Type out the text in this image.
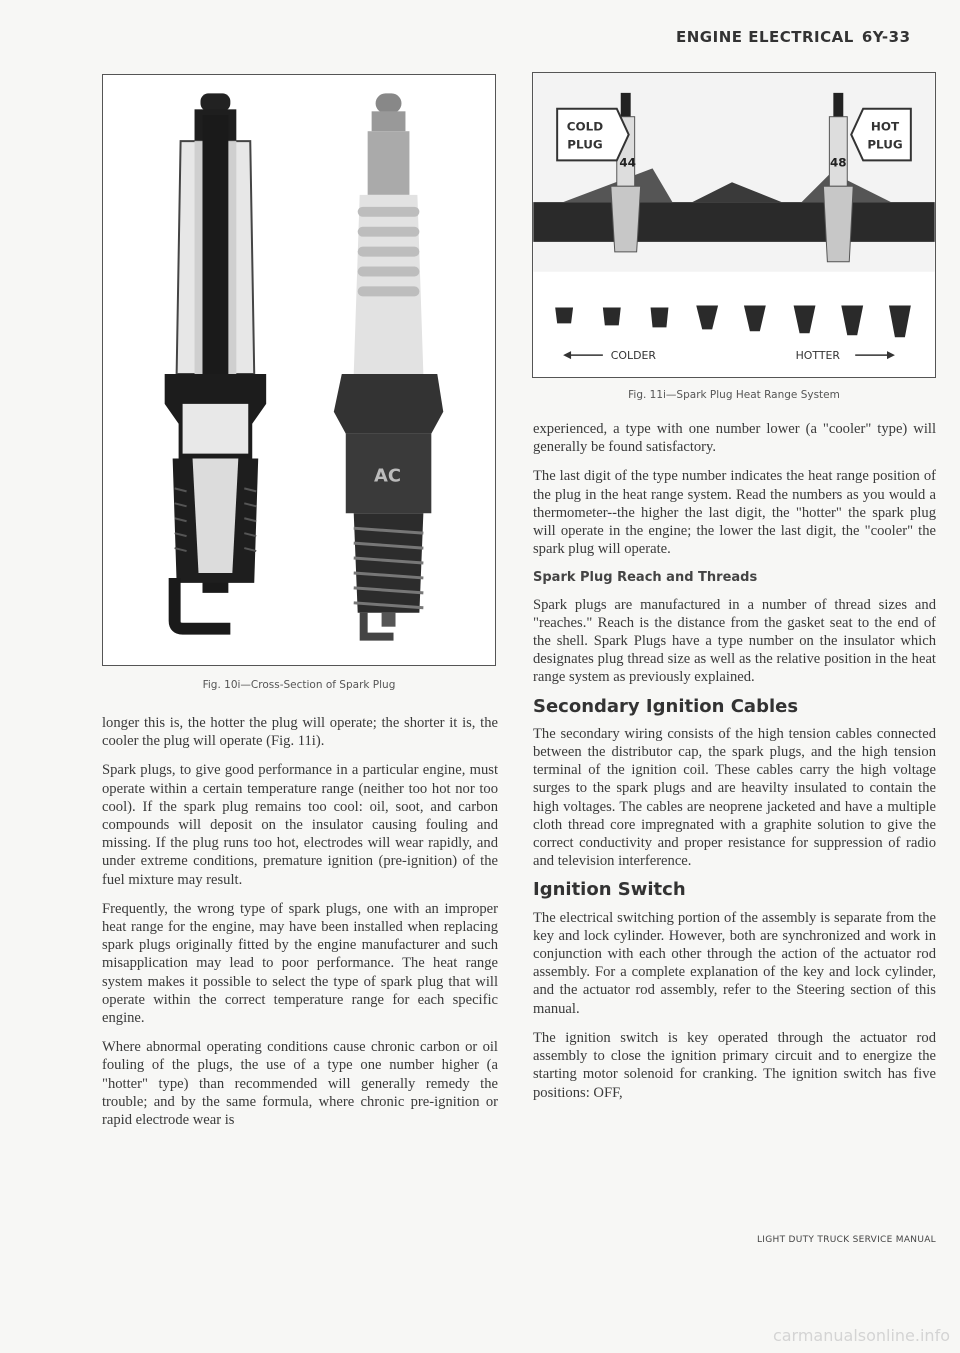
ENGINE ELECTRICAL 6Y-33
AC
Fig. 10i—Cross-Section of Spark Plug
44	48
COLD
PLUG
HOT
PLUG
COLDER	HOTTER
Fig. 11i—Spark Plug Heat Range System

longer this is, the hotter the plug will operate; the shorter it is, the cooler the plug will operate (Fig. 11i).

Spark plugs, to give good performance in a particular engine, must operate within a certain temperature range (neither too hot nor too cool). If the spark plug remains too cool: oil, soot, and carbon compounds will deposit on the insulator causing fouling and missing. If the plug runs too hot, electrodes will wear rapidly, and under extreme conditions, premature ignition (pre-ignition) of the fuel mixture may result.

Frequently, the wrong type of spark plugs, one with an improper heat range for the engine, may have been installed when replacing spark plugs originally fitted by the engine manufacturer and such misapplication may lead to poor performance. The heat range system makes it possible to select the type of spark plug that will operate within the correct temperature range for each specific engine.

Where abnormal operating conditions cause chronic carbon or oil fouling of the plugs, the use of a type one number higher (a "hotter" type) than recommended will generally remedy the trouble; and by the same formula, where chronic pre-ignition or rapid electrode wear is

experienced, a type with one number lower (a "cooler" type) will generally be found satisfactory.

The last digit of the type number indicates the heat range position of the plug in the heat range system. Read the numbers as you would a thermometer--the higher the last digit, the "hotter" the spark plug will operate in the engine; the lower the last digit, the "cooler" the spark plug will operate.

Spark Plug Reach and Threads

Spark plugs are manufactured in a number of thread sizes and "reaches." Reach is the distance from the gasket seat to the end of the shell. Spark Plugs have a type number on the insulator which designates plug thread size as well as the relative position in the heat range system as previously explained.

Secondary Ignition Cables

The secondary wiring consists of the high tension cables connected between the distributor cap, the spark plugs, and the high tension terminal of the ignition coil. These cables carry the high voltage surges to the spark plugs and are heavilty insulated to contain the high voltages. The cables are neoprene jacketed and have a multiple cloth thread core impregnated with a graphite solution to give the correct conductivity and proper resistance for suppression of radio and television interference.

Ignition Switch

The electrical switching portion of the assembly is separate from the key and lock cylinder. However, both are synchronized and work in conjunction with each other through the action of the actuator rod assembly. For a complete explanation of the key and lock cylinder, and the actuator rod assembly, refer to the Steering section of this manual.

The ignition switch is key operated through the actuator rod assembly to close the ignition primary circuit and to energize the starting motor solenoid for cranking. The ignition switch has five positions: OFF,

LIGHT DUTY TRUCK SERVICE MANUAL
carmanualsonline.info
